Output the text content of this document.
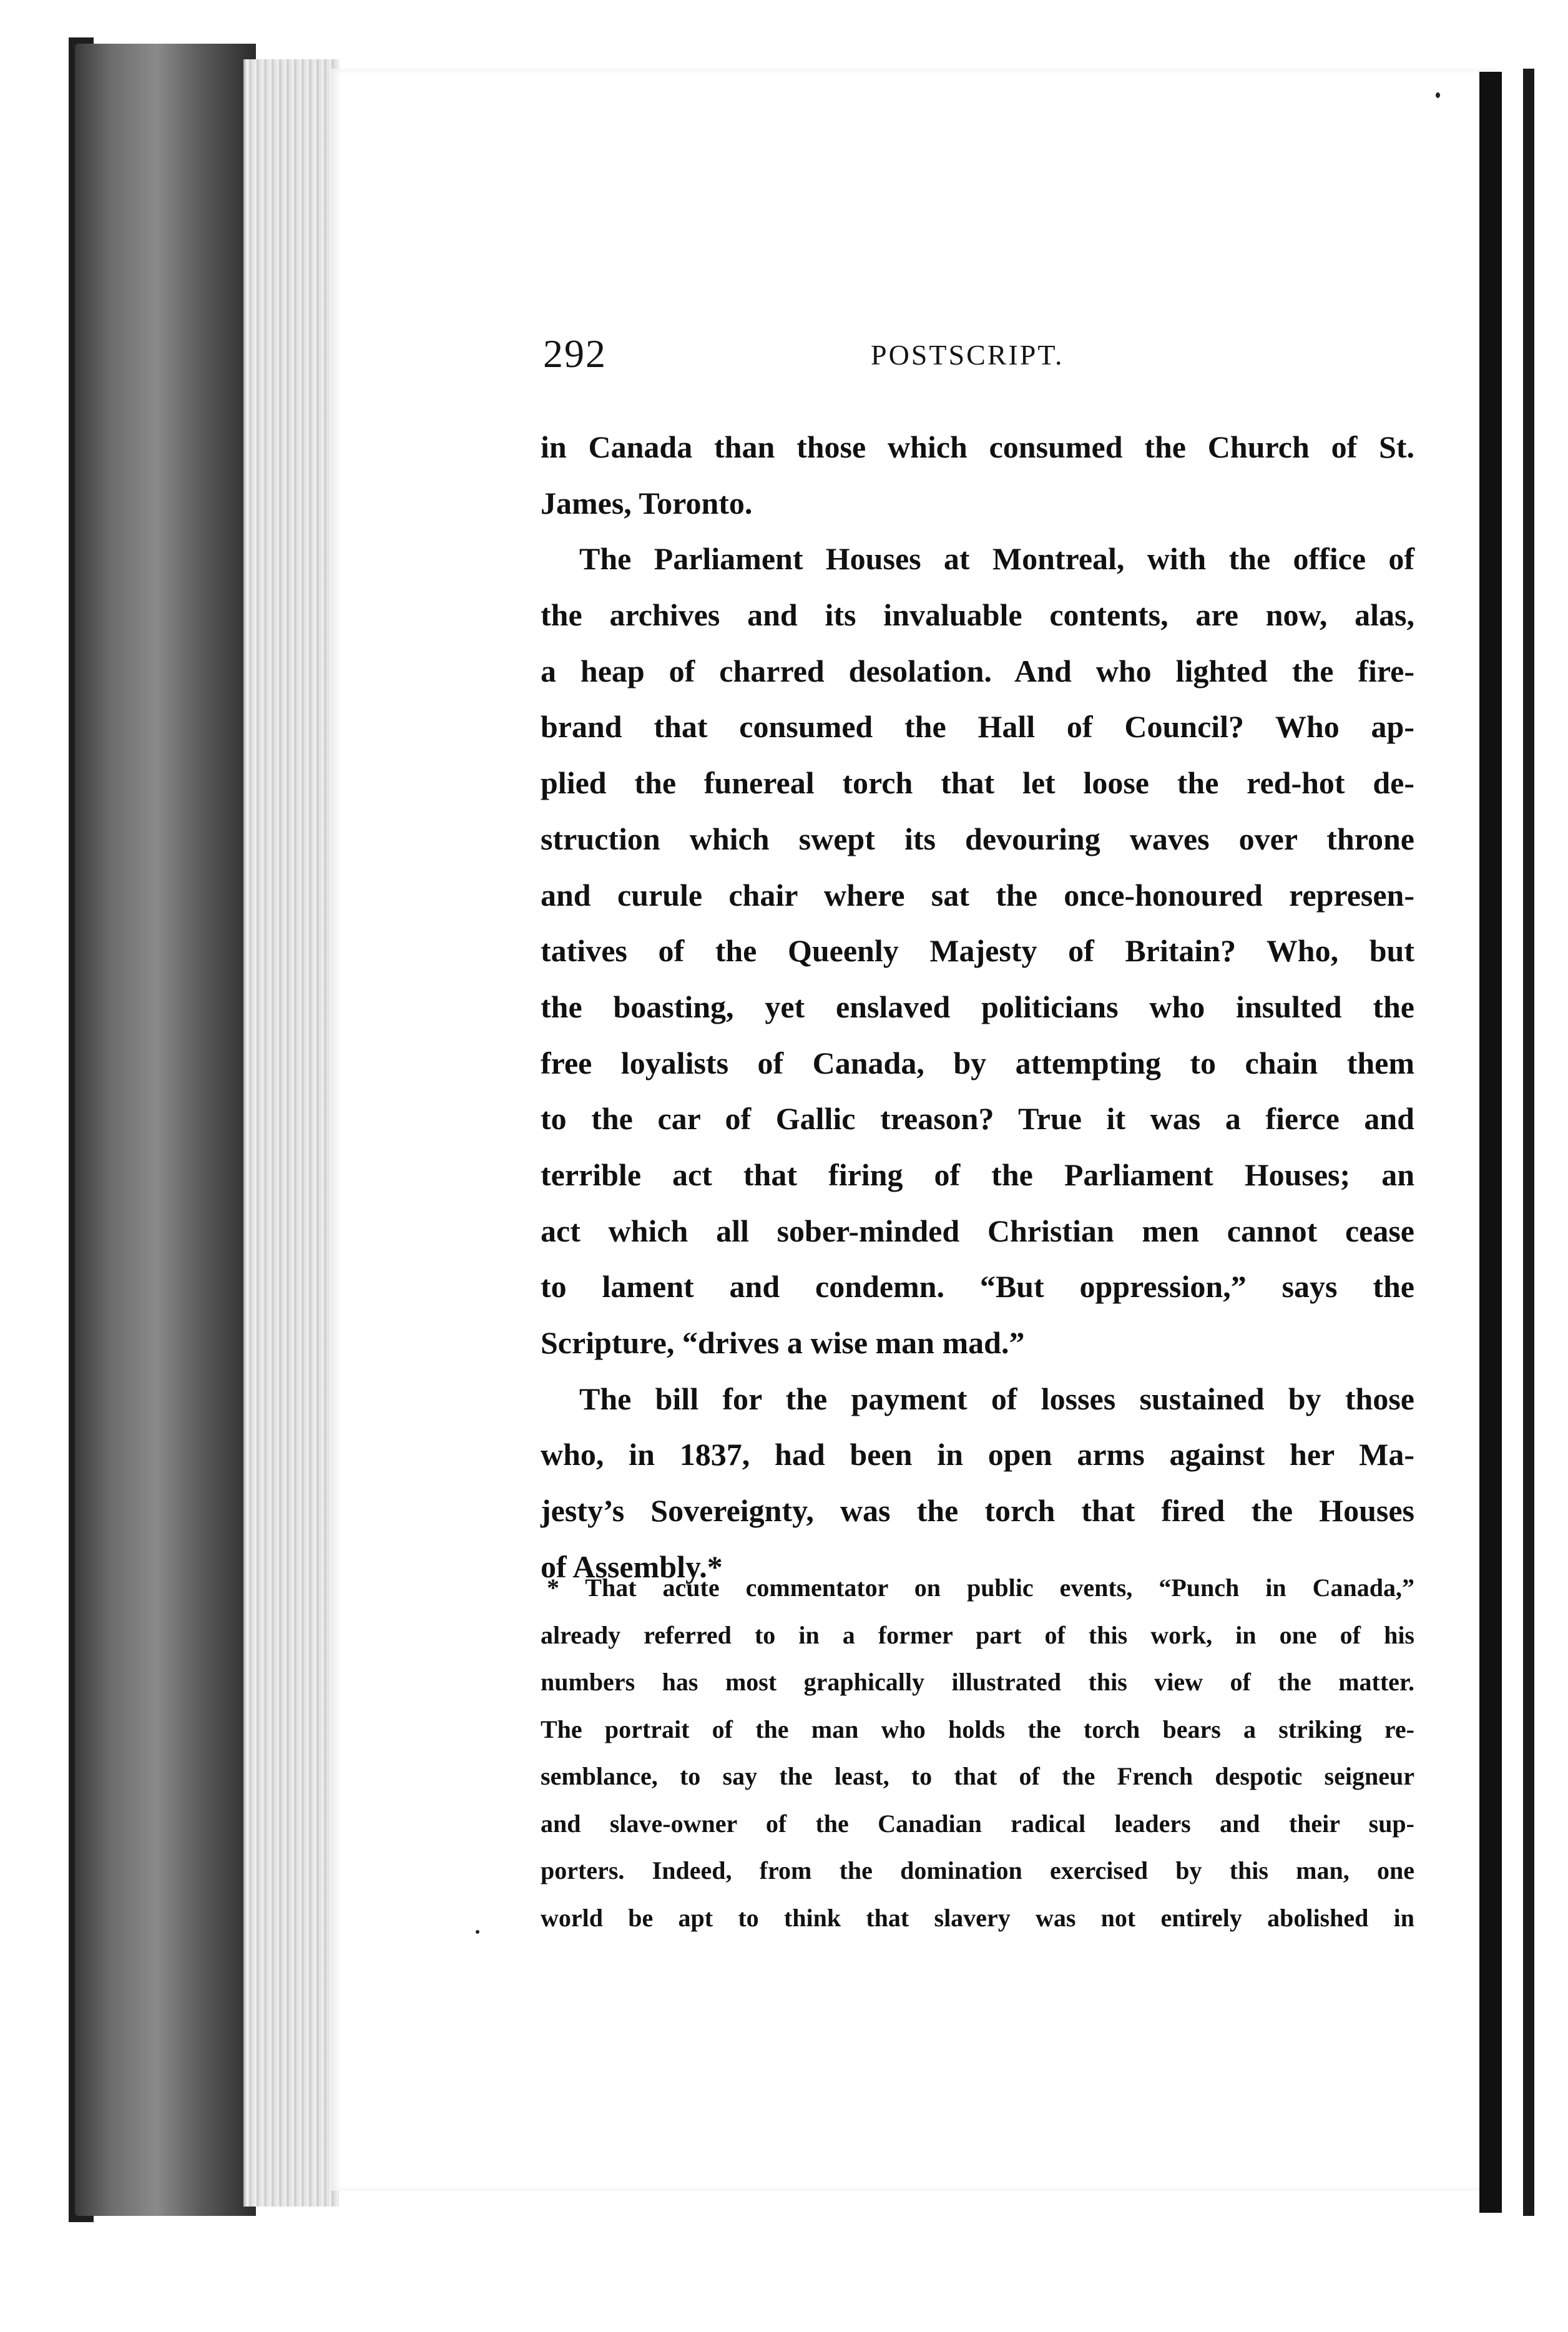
292	POSTSCRIPT.
in Canada than those which consumed the Church of St.
James, Toronto.
The Parliament Houses at Montreal, with the office of
the archives and its invaluable contents, are now, alas,
a heap of charred desolation. And who lighted the fire-
brand that consumed the Hall of Council? Who ap-
plied the funereal torch that let loose the red-hot de-
struction which swept its devouring waves over throne
and curule chair where sat the once-honoured represen-
tatives of the Queenly Majesty of Britain? Who, but
the boasting, yet enslaved politicians who insulted the
free loyalists of Canada, by attempting to chain them
to the car of Gallic treason? True it was a fierce and
terrible act that firing of the Parliament Houses; an
act which all sober-minded Christian men cannot cease
to lament and condemn. “But oppression,” says the
Scripture, “drives a wise man mad.”
The bill for the payment of losses sustained by those
who, in 1837, had been in open arms against her Ma-
jesty’s Sovereignty, was the torch that fired the Houses
of Assembly.*
* That acute commentator on public events, “Punch in Canada,”
already referred to in a former part of this work, in one of his
numbers has most graphically illustrated this view of the matter.
The portrait of the man who holds the torch bears a striking re-
semblance, to say the least, to that of the French despotic seigneur
and slave-owner of the Canadian radical leaders and their sup-
porters. Indeed, from the domination exercised by this man, one
world be apt to think that slavery was not entirely abolished in
